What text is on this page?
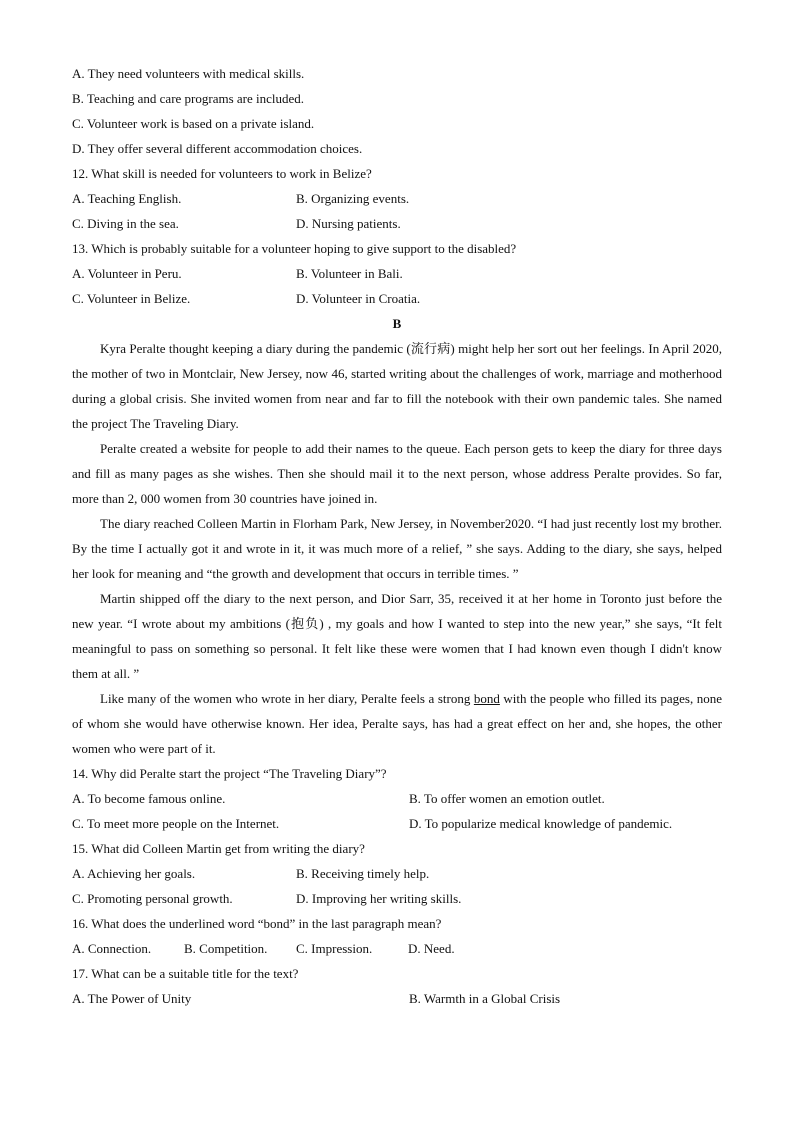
A. They need volunteers with medical skills.
B. Teaching and care programs are included.
C. Volunteer work is based on a private island.
D. They offer several different accommodation choices.
12. What skill is needed for volunteers to work in Belize?
A. Teaching English.	B. Organizing events.
C. Diving in the sea.	D. Nursing patients.
13. Which is probably suitable for a volunteer hoping to give support to the disabled?
A. Volunteer in Peru.	B. Volunteer in Bali.
C. Volunteer in Belize.	D. Volunteer in Croatia.
B
Kyra Peralte thought keeping a diary during the pandemic (流行病) might help her sort out her feelings. In April 2020, the mother of two in Montclair, New Jersey, now 46, started writing about the challenges of work, marriage and motherhood during a global crisis. She invited women from near and far to fill the notebook with their own pandemic tales. She named the project The Traveling Diary.
Peralte created a website for people to add their names to the queue. Each person gets to keep the diary for three days and fill as many pages as she wishes. Then she should mail it to the next person, whose address Peralte provides. So far, more than 2, 000 women from 30 countries have joined in.
The diary reached Colleen Martin in Florham Park, New Jersey, in November2020. “I had just recently lost my brother. By the time I actually got it and wrote in it, it was much more of a relief, ” she says. Adding to the diary, she says, helped her look for meaning and “the growth and development that occurs in terrible times. ”
Martin shipped off the diary to the next person, and Dior Sarr, 35, received it at her home in Toronto just before the new year. “I wrote about my ambitions (抱负) , my goals and how I wanted to step into the new year,” she says, “It felt meaningful to pass on something so personal. It felt like these were women that I had known even though I didn't know them at all. ”
Like many of the women who wrote in her diary, Peralte feels a strong bond with the people who filled its pages, none of whom she would have otherwise known. Her idea, Peralte says, has had a great effect on her and, she hopes, the other women who were part of it.
14. Why did Peralte start the project “The Traveling Diary”?
A. To become famous online.	B. To offer women an emotion outlet.
C. To meet more people on the Internet.	D. To popularize medical knowledge of pandemic.
15. What did Colleen Martin get from writing the diary?
A. Achieving her goals.	B. Receiving timely help.
C. Promoting personal growth.	D. Improving her writing skills.
16. What does the underlined word “bond” in the last paragraph mean?
A. Connection.	B. Competition.	C. Impression.	D. Need.
17. What can be a suitable title for the text?
A. The Power of Unity	B. Warmth in a Global Crisis
